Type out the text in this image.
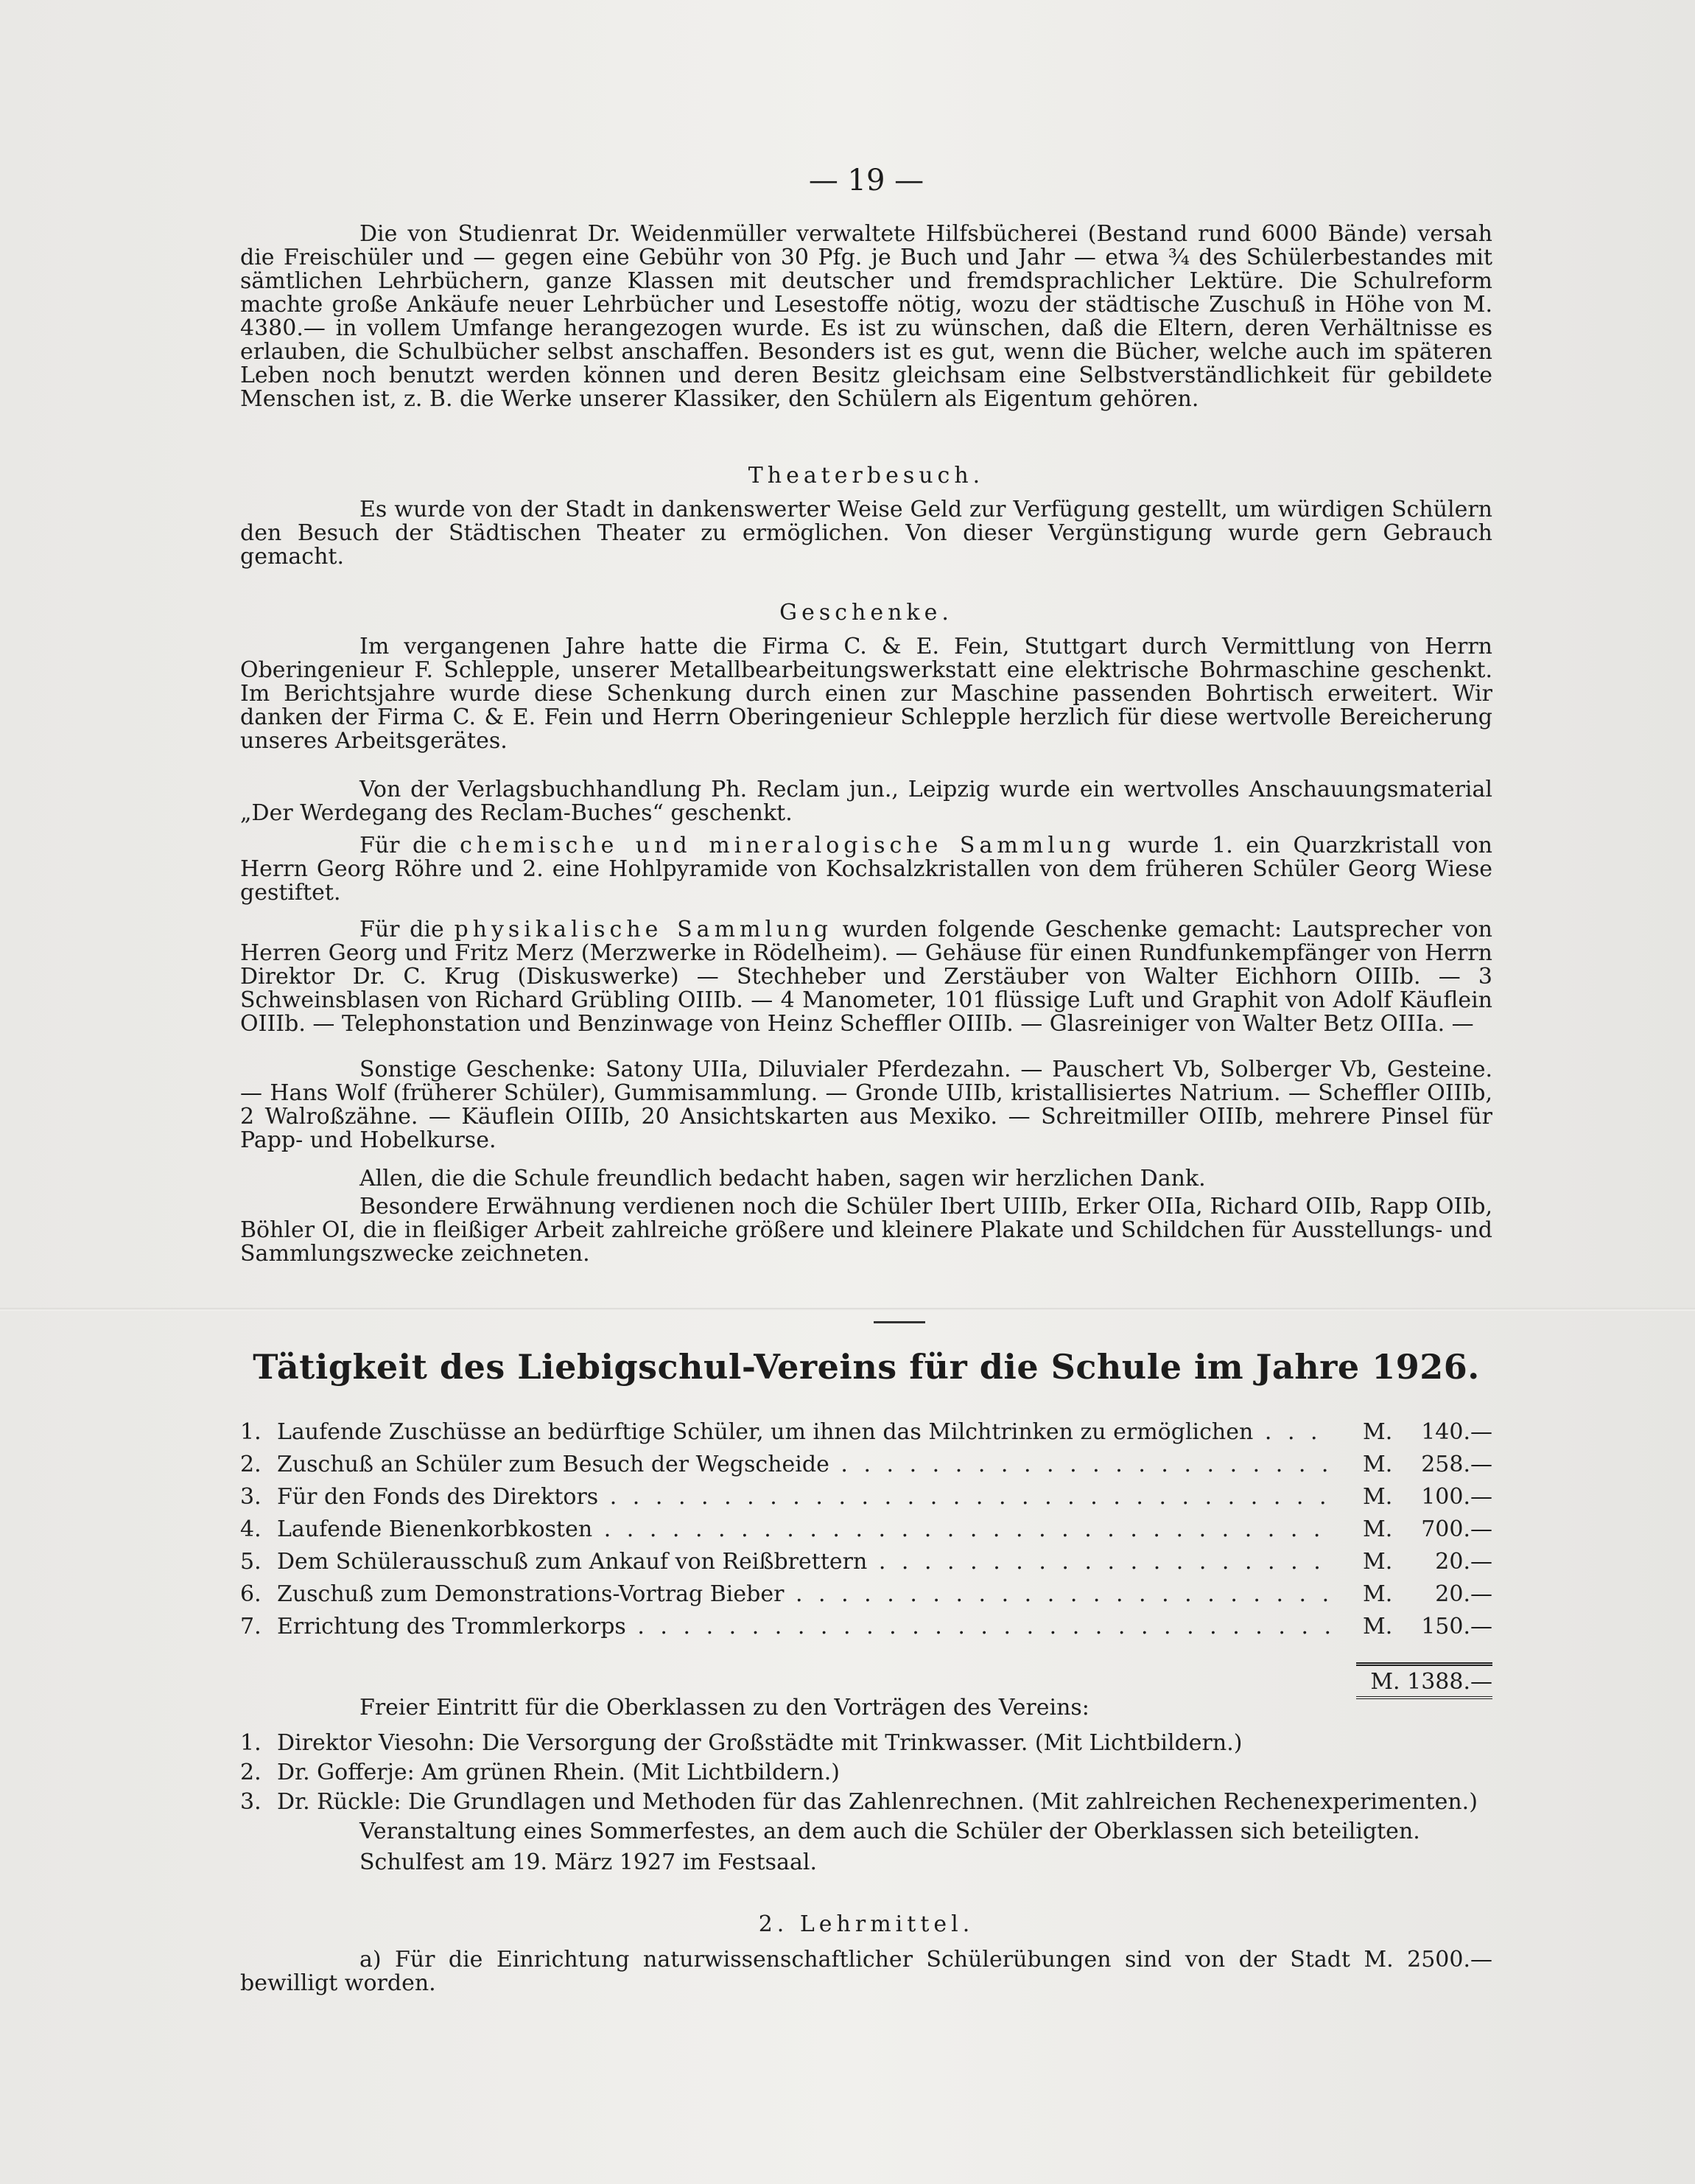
— 19 —

Die von Studienrat Dr. Weidenmüller verwaltete Hilfsbücherei (Bestand rund 6000 Bände) versah die Freischüler und — gegen eine Gebühr von 30 Pfg. je Buch und Jahr — etwa ¾ des Schülerbestandes mit sämtlichen Lehrbüchern, ganze Klassen mit deutscher und fremdsprachlicher Lektüre. Die Schulreform machte große Ankäufe neuer Lehrbücher und Lesestoffe nötig, wozu der städtische Zuschuß in Höhe von M. 4380.— in vollem Umfange herangezogen wurde. Es ist zu wünschen, daß die Eltern, deren Verhältnisse es erlauben, die Schulbücher selbst anschaffen. Besonders ist es gut, wenn die Bücher, welche auch im späteren Leben noch benutzt werden können und deren Besitz gleichsam eine Selbstverständlichkeit für gebildete Menschen ist, z. B. die Werke unserer Klassiker, den Schülern als Eigentum gehören.

Theaterbesuch.

Es wurde von der Stadt in dankenswerter Weise Geld zur Verfügung gestellt, um würdigen Schülern den Besuch der Städtischen Theater zu ermöglichen. Von dieser Vergünstigung wurde gern Gebrauch gemacht.

Geschenke.

Im vergangenen Jahre hatte die Firma C. & E. Fein, Stuttgart durch Vermittlung von Herrn Oberingenieur F. Schlepple, unserer Metallbearbeitungswerkstatt eine elektrische Bohrmaschine geschenkt. Im Berichtsjahre wurde diese Schenkung durch einen zur Maschine passenden Bohrtisch erweitert. Wir danken der Firma C. & E. Fein und Herrn Oberingenieur Schlepple herzlich für diese wertvolle Bereicherung unseres Arbeitsgerätes.

Von der Verlagsbuchhandlung Ph. Reclam jun., Leipzig wurde ein wertvolles Anschauungsmaterial „Der Werdegang des Reclam-Buches“ geschenkt.

Für die chemische und mineralogische Sammlung wurde 1. ein Quarzkristall von Herrn Georg Röhre und 2. eine Hohlpyramide von Kochsalzkristallen von dem früheren Schüler Georg Wiese gestiftet.

Für die physikalische Sammlung wurden folgende Geschenke gemacht: Lautsprecher von Herren Georg und Fritz Merz (Merzwerke in Rödelheim). — Gehäuse für einen Rundfunkempfänger von Herrn Direktor Dr. C. Krug (Diskuswerke) — Stechheber und Zerstäuber von Walter Eichhorn OIIIb. — 3 Schweinsblasen von Richard Grübling OIIIb. — 4 Manometer, 101 flüssige Luft und Graphit von Adolf Käuflein OIIIb. — Telephonstation und Benzinwage von Heinz Scheffler OIIIb. — Glasreiniger von Walter Betz OIIIa. —

Sonstige Geschenke: Satony UIIa, Diluvialer Pferdezahn. — Pauschert Vb, Solberger Vb, Gesteine. — Hans Wolf (früherer Schüler), Gummisammlung. — Gronde UIIb, kristallisiertes Natrium. — Scheffler OIIIb, 2 Walroßzähne. — Käuflein OIIIb, 20 Ansichtskarten aus Mexiko. — Schreitmiller OIIIb, mehrere Pinsel für Papp- und Hobelkurse.

Allen, die die Schule freundlich bedacht haben, sagen wir herzlichen Dank.

Besondere Erwähnung verdienen noch die Schüler Ibert UIIIb, Erker OIIa, Richard OIIb, Rapp OIIb, Böhler OI, die in fleißiger Arbeit zahlreiche größere und kleinere Plakate und Schildchen für Ausstellungs- und Sammlungszwecke zeichneten.

Tätigkeit des Liebigschul-Vereins für die Schule im Jahre 1926.

1. Laufende Zuschüsse an bedürftige Schüler, um ihnen das Milchtrinken zu ermöglichen . . .	M.	140.—
2. Zuschuß an Schüler zum Besuch der Wegscheide . . .	M.	258.—
3. Für den Fonds des Direktors . . .	M.	100.—
4. Laufende Bienenkorbkosten . . .	M.	700.—
5. Dem Schülerausschuß zum Ankauf von Reißbrettern . . .	M.	20.—
6. Zuschuß zum Demonstrations-Vortrag Bieber . . .	M.	20.—
7. Errichtung des Trommlerkorps . . .	M.	150.—
M. 1388.—

Freier Eintritt für die Oberklassen zu den Vorträgen des Vereins:

1. Direktor Viesohn: Die Versorgung der Großstädte mit Trinkwasser. (Mit Lichtbildern.)
2. Dr. Gofferje: Am grünen Rhein. (Mit Lichtbildern.)
3. Dr. Rückle: Die Grundlagen und Methoden für das Zahlenrechnen. (Mit zahlreichen Rechenexperimenten.)

Veranstaltung eines Sommerfestes, an dem auch die Schüler der Oberklassen sich beteiligten.

Schulfest am 19. März 1927 im Festsaal.

2. Lehrmittel.

a) Für die Einrichtung naturwissenschaftlicher Schülerübungen sind von der Stadt M. 2500.— bewilligt worden.
